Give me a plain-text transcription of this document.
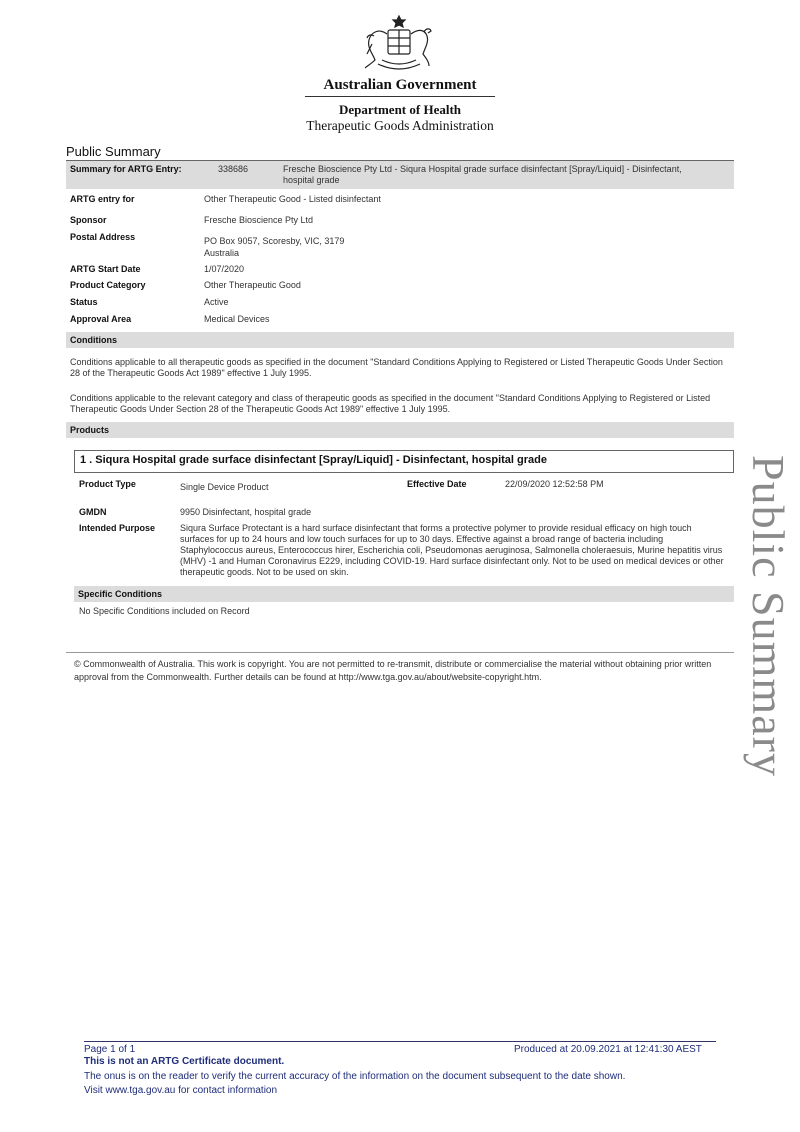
Australian Government
Department of Health
Therapeutic Goods Administration
Public Summary
Summary for ARTG Entry:	338686	Fresche Bioscience Pty Ltd - Siqura Hospital grade surface disinfectant [Spray/Liquid] - Disinfectant, hospital grade
ARTG entry for	Other Therapeutic Good - Listed disinfectant
Sponsor	Fresche Bioscience Pty Ltd
Postal Address	PO Box 9057, Scoresby, VIC, 3179
Australia
ARTG Start Date	1/07/2020
Product Category	Other Therapeutic Good
Status	Active
Approval Area	Medical Devices
Conditions
Conditions applicable to all therapeutic goods as specified in the document "Standard Conditions Applying to Registered or Listed Therapeutic Goods Under Section 28 of the Therapeutic Goods Act 1989" effective 1 July 1995.
Conditions applicable to the relevant category and class of therapeutic goods as specified in the document "Standard Conditions Applying to Registered or Listed Therapeutic Goods Under Section 28 of the Therapeutic Goods Act 1989" effective 1 July 1995.
Products
1 . Siqura Hospital grade surface disinfectant [Spray/Liquid] - Disinfectant, hospital grade
Product Type	Single Device Product	Effective Date	22/09/2020 12:52:58 PM
GMDN	9950 Disinfectant, hospital grade
Intended Purpose	Siqura Surface Protectant is a hard surface disinfectant that forms a protective polymer to provide residual efficacy on high touch surfaces for up to 24 hours and low touch surfaces for up to 30 days. Effective against a broad range of bacteria including Staphylococcus aureus, Enterococcus hirer, Escherichia coli, Pseudomonas aeruginosa, Salmonella choleraesuis, Murine hepatitis virus (MHV) -1 and Human Coronavirus E229, including COVID-19. Hard surface disinfectant only. Not to be used on medical devices or other therapeutic goods. Not to be used on skin.
Specific Conditions
No Specific Conditions included on Record
© Commonwealth of Australia. This work is copyright. You are not permitted to re-transmit, distribute or commercialise the material without obtaining prior written approval from the Commonwealth. Further details can be found at http://www.tga.gov.au/about/website-copyright.htm.	Public Summary
Page 1 of 1	Produced at 20.09.2021 at 12:41:30 AEST
This is not an ARTG Certificate document.
The onus is on the reader to verify the current accuracy of the information on the document subsequent to the date shown.
Visit www.tga.gov.au for contact information
